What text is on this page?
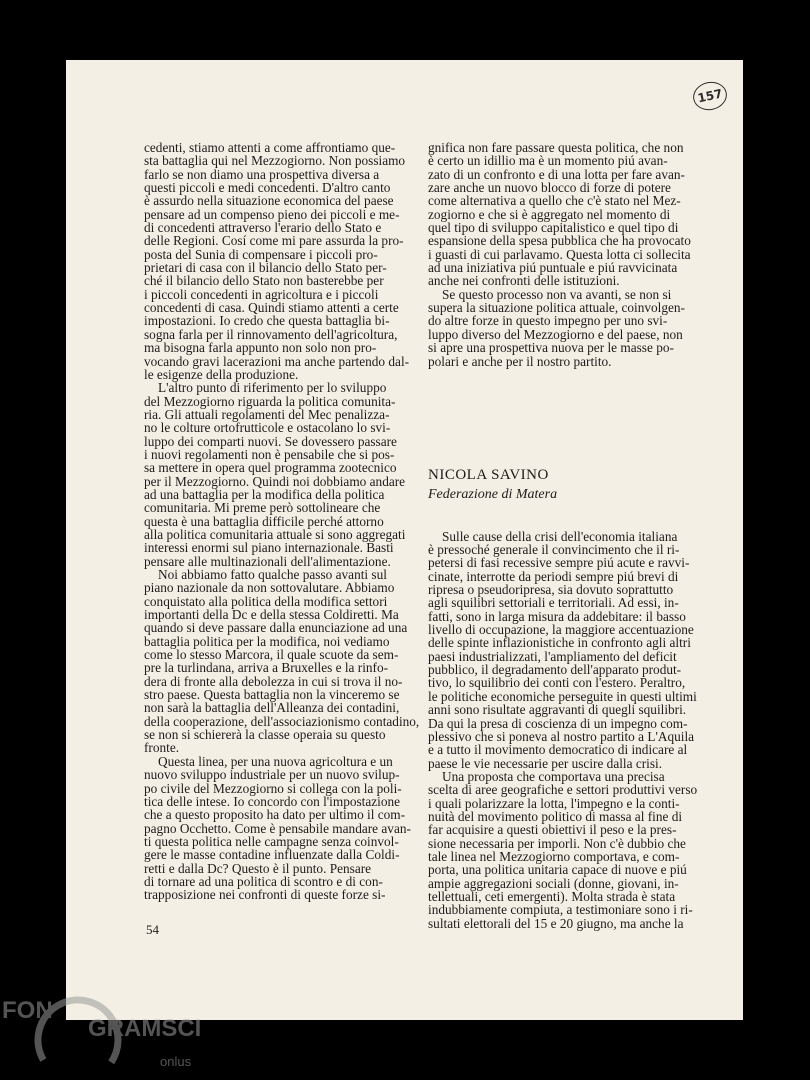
157
cedenti, stiamo attenti a come affrontiamo que-
sta battaglia qui nel Mezzogiorno. Non possiamo
farlo se non diamo una prospettiva diversa a
questi piccoli e medi concedenti. D'altro canto
è assurdo nella situazione economica del paese
pensare ad un compenso pieno dei piccoli e me-
di concedenti attraverso l'erario dello Stato e
delle Regioni. Cosí come mi pare assurda la pro-
posta del Sunia di compensare i piccoli pro-
prietari di casa con il bilancio dello Stato per-
ché il bilancio dello Stato non basterebbe per
i piccoli concedenti in agricoltura e i piccoli
concedenti di casa. Quindi stiamo attenti a certe
impostazioni. Io credo che questa battaglia bi-
sogna farla per il rinnovamento dell'agricoltura,
ma bisogna farla appunto non solo non pro-
vocando gravi lacerazioni ma anche partendo dal-
le esigenze della produzione.
L'altro punto di riferimento per lo sviluppo
del Mezzogiorno riguarda la politica comunita-
ria. Gli attuali regolamenti del Mec penalizza-
no le colture ortofrutticole e ostacolano lo svi-
luppo dei comparti nuovi. Se dovessero passare
i nuovi regolamenti non è pensabile che si pos-
sa mettere in opera quel programma zootecnico
per il Mezzogiorno. Quindi noi dobbiamo andare
ad una battaglia per la modifica della politica
comunitaria. Mi preme però sottolineare che
questa è una battaglia difficile perché attorno
alla politica comunitaria attuale si sono aggregati
interessi enormi sul piano internazionale. Basti
pensare alle multinazionali dell'alimentazione.
Noi abbiamo fatto qualche passo avanti sul
piano nazionale da non sottovalutare. Abbiamo
conquistato alla politica della modifica settori
importanti della Dc e della stessa Coldiretti. Ma
quando si deve passare dalla enunciazione ad una
battaglia politica per la modifica, noi vediamo
come lo stesso Marcora, il quale scuote da sem-
pre la turlindana, arriva a Bruxelles e la rinfo-
dera di fronte alla debolezza in cui si trova il no-
stro paese. Questa battaglia non la vinceremo se
non sarà la battaglia dell'Alleanza dei contadini,
della cooperazione, dell'associazionismo contadino,
se non si schiererà la classe operaia su questo
fronte.
Questa linea, per una nuova agricoltura e un
nuovo sviluppo industriale per un nuovo svilup-
po civile del Mezzogiorno si collega con la poli-
tica delle intese. Io concordo con l'impostazione
che a questo proposito ha dato per ultimo il com-
pagno Occhetto. Come è pensabile mandare avan-
ti questa politica nelle campagne senza coinvol-
gere le masse contadine influenzate dalla Coldi-
retti e dalla Dc? Questo è il punto. Pensare
di tornare ad una politica di scontro e di con-
trapposizione nei confronti di queste forze si-
gnifica non fare passare questa politica, che non
è certo un idillio ma è un momento piú avan-
zato di un confronto e di una lotta per fare avan-
zare anche un nuovo blocco di forze di potere
come alternativa a quello che c'è stato nel Mez-
zogiorno e che si è aggregato nel momento di
quel tipo di sviluppo capitalistico e quel tipo di
espansione della spesa pubblica che ha provocato
i guasti di cui parlavamo. Questa lotta ci sollecita
ad una iniziativa piú puntuale e piú ravvicinata
anche nei confronti delle istituzioni.
Se questo processo non va avanti, se non si
supera la situazione politica attuale, coinvolgen-
do altre forze in questo impegno per uno svi-
luppo diverso del Mezzogiorno e del paese, non
si apre una prospettiva nuova per le masse po-
polari e anche per il nostro partito.
NICOLA SAVINO
Federazione di Matera
Sulle cause della crisi dell'economia italiana
è pressoché generale il convincimento che il ri-
petersi di fasi recessive sempre piú acute e ravvi-
cinate, interrotte da periodi sempre piú brevi di
ripresa o pseudoripresa, sia dovuto soprattutto
agli squilibri settoriali e territoriali. Ad essi, in-
fatti, sono in larga misura da addebitare: il basso
livello di occupazione, la maggiore accentuazione
delle spinte inflazionistiche in confronto agli altri
paesi industrializzati, l'ampliamento del deficit
pubblico, il degradamento dell'apparato produt-
tivo, lo squilibrio dei conti con l'estero. Peraltro,
le politiche economiche perseguite in questi ultimi
anni sono risultate aggravanti di quegli squilibri.
Da qui la presa di coscienza di un impegno com-
plessivo che si poneva al nostro partito a L'Aquila
e a tutto il movimento democratico di indicare al
paese le vie necessarie per uscire dalla crisi.
Una proposta che comportava una precisa
scelta di aree geografiche e settori produttivi verso
i quali polarizzare la lotta, l'impegno e la conti-
nuità del movimento politico di massa al fine di
far acquisire a questi obiettivi il peso e la pres-
sione necessaria per imporli. Non c'è dubbio che
tale linea nel Mezzogiorno comportava, e com-
porta, una politica unitaria capace di nuove e piú
ampie aggregazioni sociali (donne, giovani, in-
tellettuali, ceti emergenti). Molta strada è stata
indubbiamente compiuta, a testimoniare sono i ri-
sultati elettorali del 15 e 20 giugno, ma anche la
54
FON
GRAMSCI
onlus
